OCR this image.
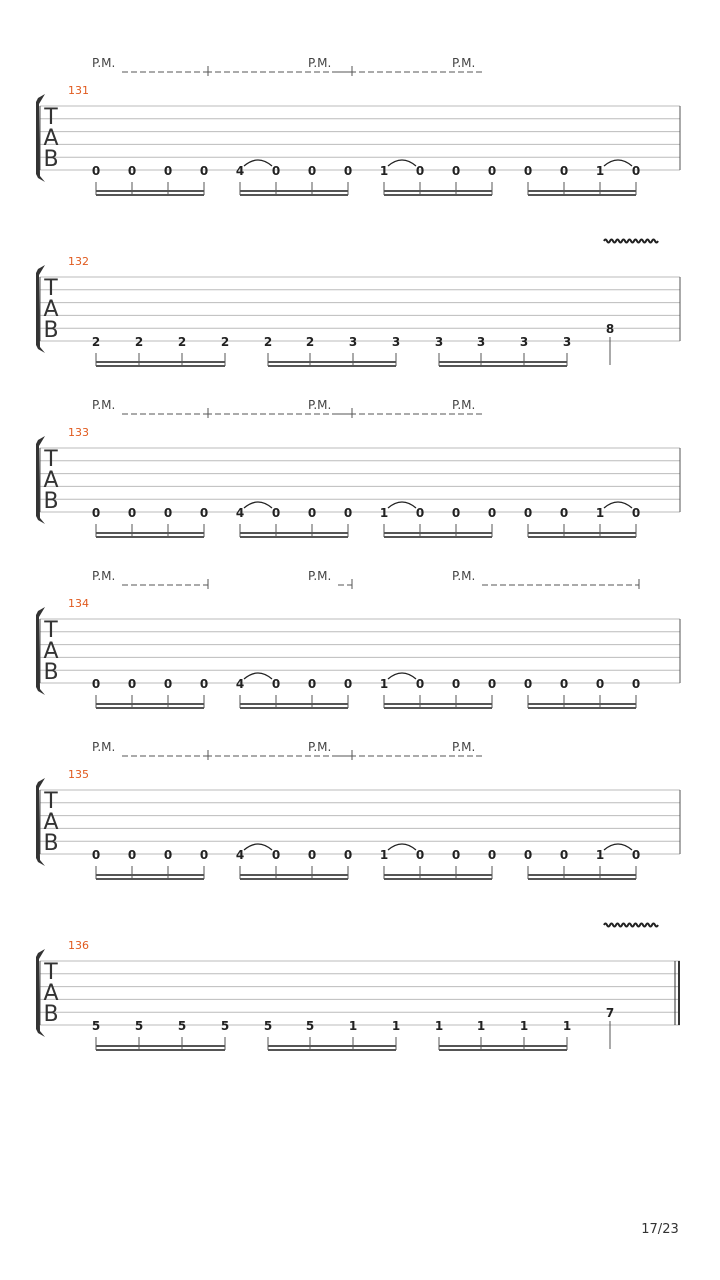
T
A
B
131
P.M.	P.M.	P.M.
0 0 0 0 4 0 0 0 1 0 0 0 0 0 1 0
T
A
B
132
2	2	2	2	2	2	3	3	3	3	3	3
8
T
A
B
133
P.M.	P.M.	P.M.
0 0 0 0 4 0 0 0 1 0 0 0 0 0 1 0
T
A
B
134
P.M.	P.M.	P.M.
0 0 0 0 4 0 0 0 1 0 0 0 0 0 0 0
T
A
B
135
P.M.	P.M.	P.M.
0 0 0 0 4 0 0 0 1 0 0 0 0 0 1 0
T
A
B
136
5	5	5	5	5	5	1	1	1	1	1	1
7
17/23
